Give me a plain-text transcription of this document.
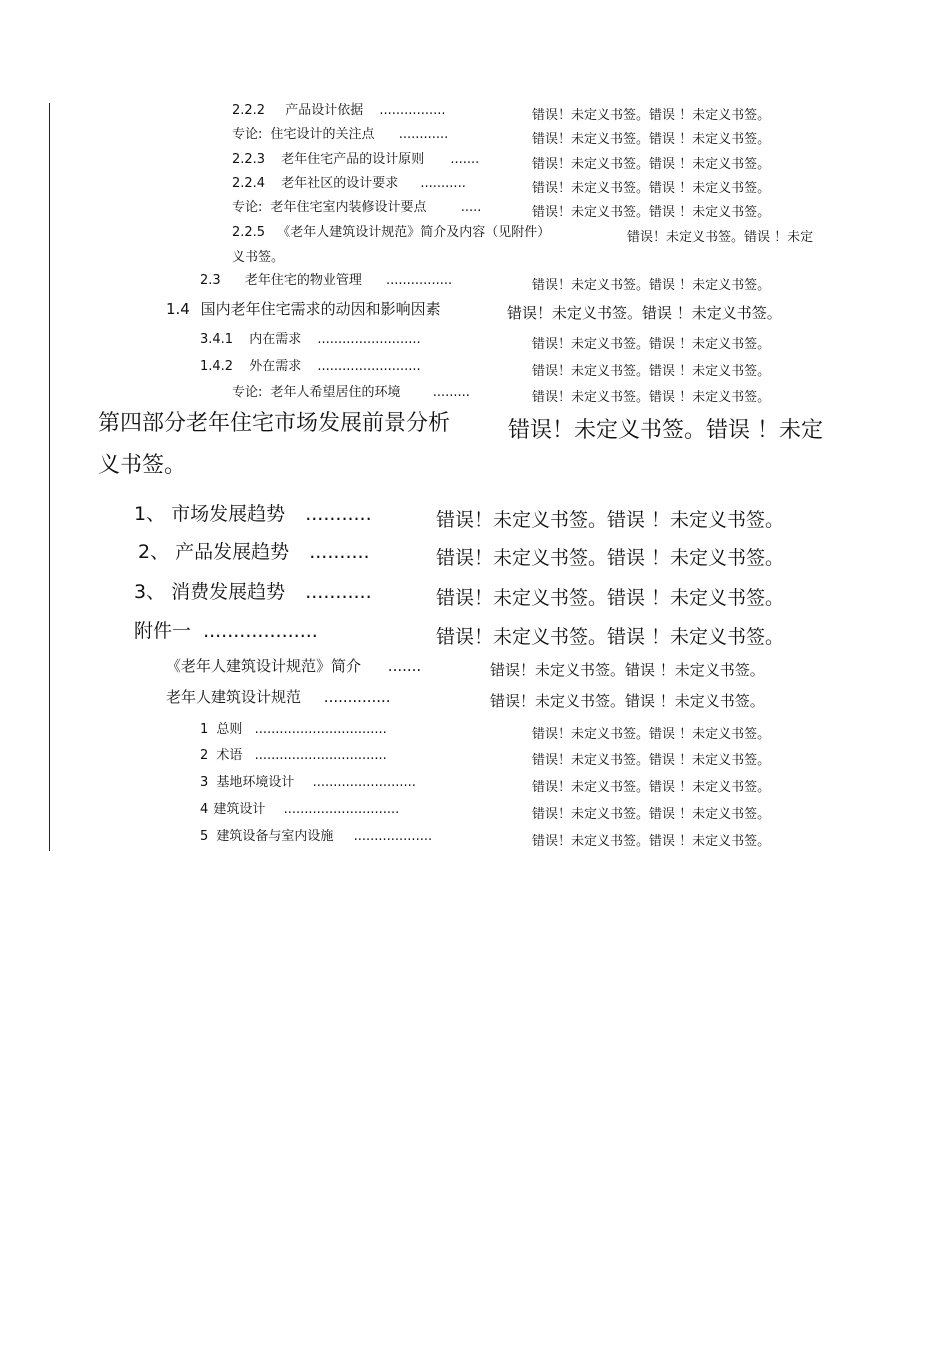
2.2.2 产品设计依据 ................	错误！未定义书签。错误 ！未定义书签。
专论: 住宅设计的关注点 ............	错误！未定义书签。错误 ！未定义书签。
2.2.3 老年住宅产品的设计原则 .......	错误！未定义书签。错误 ！未定义书签。
2.2.4 老年社区的设计要求 ...........	错误！未定义书签。错误 ！未定义书签。
专论: 老年住宅室内装修设计要点	.....	错误！未定义书签。错误 ！未定义书签。
2.2.5 《老年人建筑设计规范》简介及内容（见附件）	错误！未定义书签。错误 ！未定
义书签。
2.3 老年住宅的物业管理 ................	错误！未定义书签。错误 ！未定义书签。
1.4 国内老年住宅需求的动因和影响因素	错误！未定义书签。错误 ！未定义书签。
3.4.1 内在需求 .........................	错误！未定义书签。错误 ！未定义书签。
1.4.2 外在需求 .........................	错误！未定义书签。错误 ！未定义书签。
专论: 老年人希望居住的环境 .........	错误！未定义书签。错误 ！未定义书签。
第四部分老年住宅市场发展前景分析	错误！未定义书签。错误 ！未定
义书签。
1、 市场发展趋势 ...........	错误！未定义书签。错误 ！未定义书签。
2、 产品发展趋势 ..........	错误！未定义书签。错误 ！未定义书签。
3、 消费发展趋势 ...........	错误！未定义书签。错误 ！未定义书签。
附件一 ...................	错误！未定义书签。错误 ！未定义书签。
《老年人建筑设计规范》简介 .......	错误！未定义书签。错误 ！未定义书签。
老年人建筑设计规范 ..............	错误！未定义书签。错误 ！未定义书签。
1 总则 ................................	错误！未定义书签。错误 ！未定义书签。
2 术语 ................................	错误！未定义书签。错误 ！未定义书签。
3 基地环境设计 .........................	错误！未定义书签。错误 ！未定义书签。
4 建筑设计 ............................	错误！未定义书签。错误 ！未定义书签。
5 建筑设备与室内设施 ...................	错误！未定义书签。错误 ！未定义书签。
